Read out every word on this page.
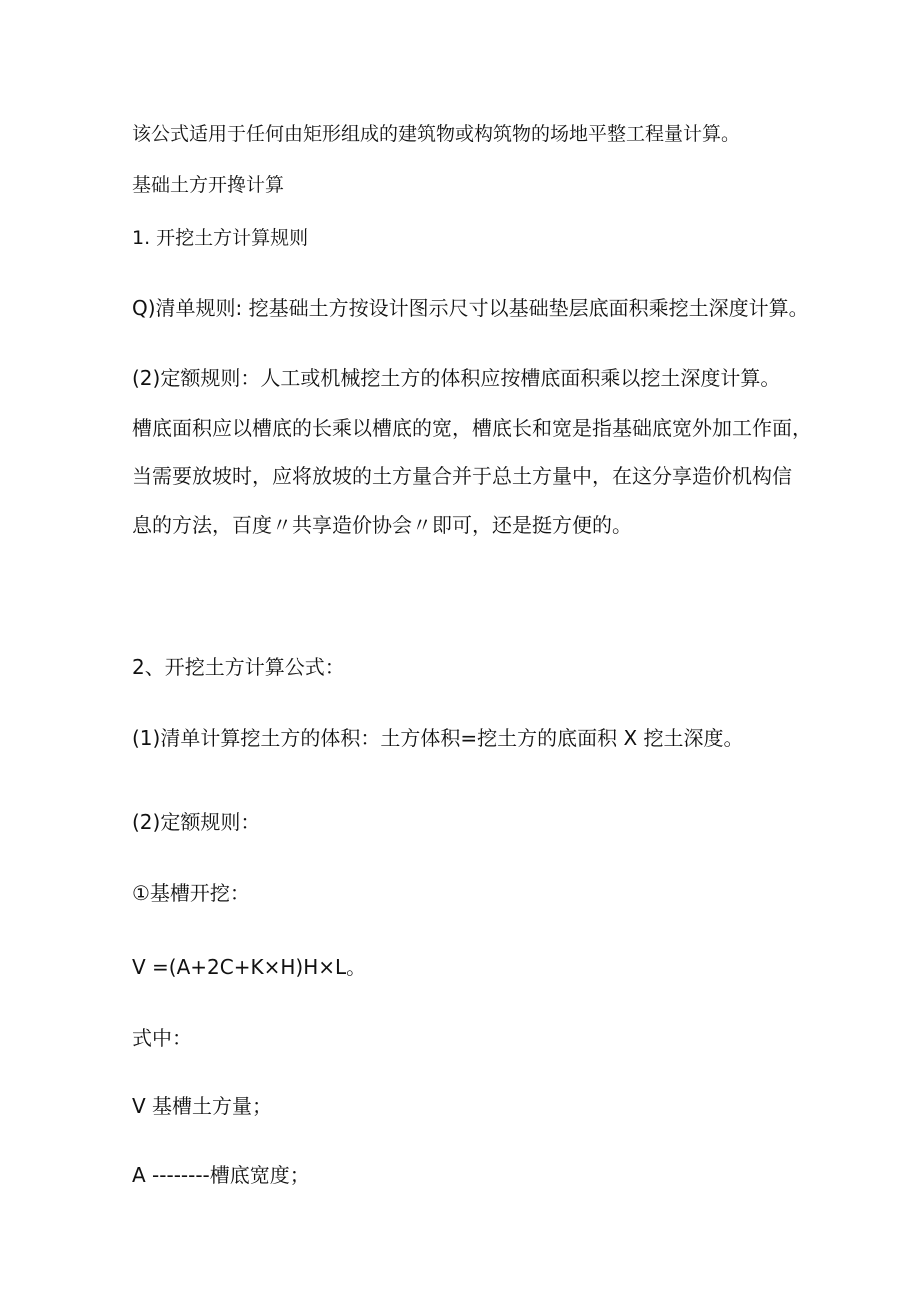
该公式适用于任何由矩形组成的建筑物或构筑物的场地平整工程量计算。
基础土方开搀计算
1. 开挖土方计算规则
Q)清单规则: 挖基础土方按设计图示尺寸以基础垫层底面积乘挖土深度计算。
(2)定额规则：人工或机械挖土方的体积应按槽底面积乘以挖土深度计算。
槽底面积应以槽底的长乘以槽底的宽，槽底长和宽是指基础底宽外加工作面，
当需要放坡时，应将放坡的土方量合并于总土方量中，在这分享造价机构信
息的方法，百度〃共享造价协会〃即可，还是挺方便的。
2、开挖土方计算公式：
(1)清单计算挖土方的体积：土方体积=挖土方的底面积 X 挖土深度。
(2)定额规则：
①基槽开挖：
V =(A+2C+K×H)H×L。
式中：
V 基槽土方量；
A --------槽底宽度；
